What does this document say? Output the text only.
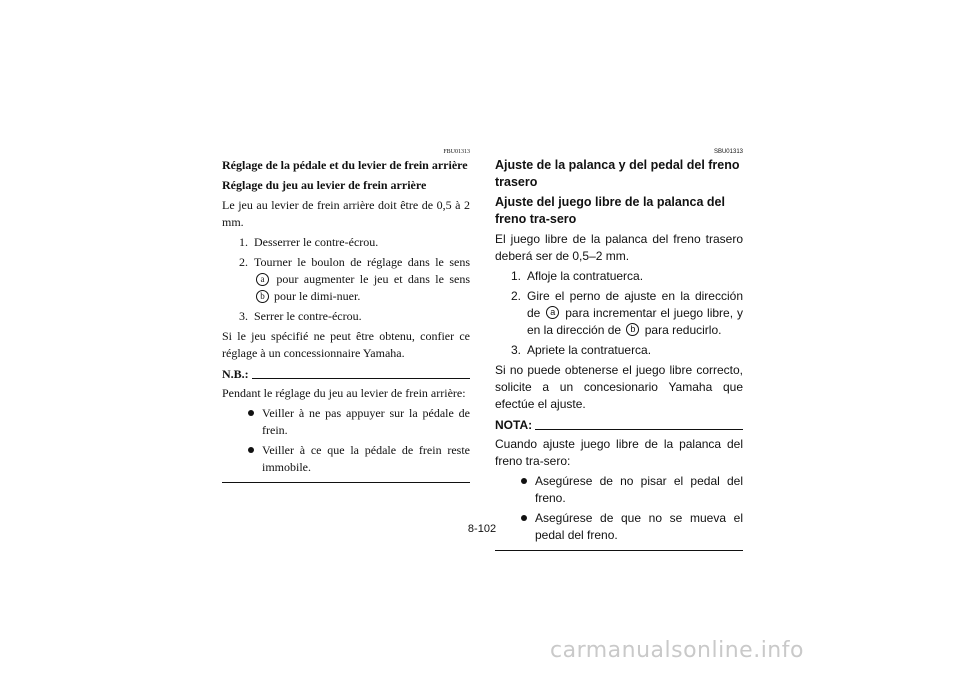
FBU01313
Réglage de la pédale et du levier de frein arrière
Réglage du jeu au levier de frein arrière
Le jeu au levier de frein arrière doit être de 0,5 à 2 mm.
1. Desserrer le contre-écrou.
2. Tourner le boulon de réglage dans le sens a pour augmenter le jeu et dans le sens b pour le dimi-nuer.
3. Serrer le contre-écrou.
Si le jeu spécifié ne peut être obtenu, confier ce réglage à un concessionnaire Yamaha.
N.B.:
Pendant le réglage du jeu au levier de frein arrière:
Veiller à ne pas appuyer sur la pédale de frein.
Veiller à ce que la pédale de frein reste immobile.
SBU01313
Ajuste de la palanca y del pedal del freno trasero
Ajuste del juego libre de la palanca del freno tra-sero
El juego libre de la palanca del freno trasero deberá ser de 0,5–2 mm.
1. Afloje la contratuerca.
2. Gire el perno de ajuste en la dirección de a para incrementar el juego libre, y en la dirección de b para reducirlo.
3. Apriete la contratuerca.
Si no puede obtenerse el juego libre correcto, solicite a un concesionario Yamaha que efectúe el ajuste.
NOTA:
Cuando ajuste juego libre de la palanca del freno tra-sero:
Asegúrese de no pisar el pedal del freno.
Asegúrese de que no se mueva el pedal del freno.
8-102
carmanualsonline.info
